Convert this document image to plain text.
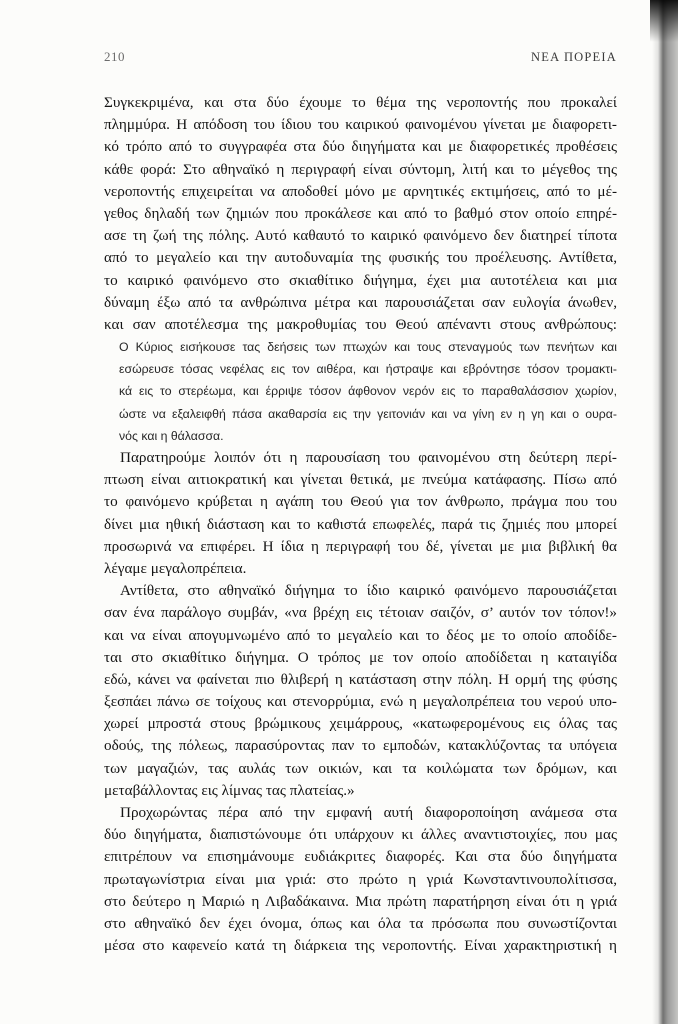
210	ΝΕΑ ΠΟΡΕΙΑ
Συγκεκριμένα, και στα δύο έχουμε το θέμα της νεροποντής που προκαλεί
πλημμύρα. Η απόδοση του ίδιου του καιρικού φαινομένου γίνεται με διαφορετι-
κό τρόπο από το συγγραφέα στα δύο διηγήματα και με διαφορετικές προθέσεις
κάθε φορά: Στο αθηναϊκό η περιγραφή είναι σύντομη, λιτή και το μέγεθος της
νεροποντής επιχειρείται να αποδοθεί μόνο με αρνητικές εκτιμήσεις, από το μέ-
γεθος δηλαδή των ζημιών που προκάλεσε και από το βαθμό στον οποίο επηρέ-
ασε τη ζωή της πόλης. Αυτό καθαυτό το καιρικό φαινόμενο δεν διατηρεί τίποτα
από το μεγαλείο και την αυτοδυναμία της φυσικής του προέλευσης. Αντίθετα,
το καιρικό φαινόμενο στο σκιαθίτικο διήγημα, έχει μια αυτοτέλεια και μια
δύναμη έξω από τα ανθρώπινα μέτρα και παρουσιάζεται σαν ευλογία άνωθεν,
και σαν αποτέλεσμα της μακροθυμίας του Θεού απέναντι στους ανθρώπους:
Ο Κύριος εισήκουσε τας δεήσεις των πτωχών και τους στεναγμούς των πενήτων και
εσώρευσε τόσας νεφέλας εις τον αιθέρα, και ήστραψε και εβρόντησε τόσον τρομακτι-
κά εις το στερέωμα, και έρριψε τόσον άφθονον νερόν εις το παραθαλάσσιον χωρίον,
ώστε να εξαλειφθή πάσα ακαθαρσία εις την γειτονιάν και να γίνη εν η γη και ο ουρα-
νός και η θάλασσα.
Παρατηρούμε λοιπόν ότι η παρουσίαση του φαινομένου στη δεύτερη περί-
πτωση είναι αιτιοκρατική και γίνεται θετικά, με πνεύμα κατάφασης. Πίσω από
το φαινόμενο κρύβεται η αγάπη του Θεού για τον άνθρωπο, πράγμα που του
δίνει μια ηθική διάσταση και το καθιστά επωφελές, παρά τις ζημιές που μπορεί
προσωρινά να επιφέρει. Η ίδια η περιγραφή του δέ, γίνεται με μια βιβλική θα
λέγαμε μεγαλοπρέπεια.
Αντίθετα, στο αθηναϊκό διήγημα το ίδιο καιρικό φαινόμενο παρουσιάζεται
σαν ένα παράλογο συμβάν, «να βρέχη εις τέτοιαν σαιζόν, σ’ αυτόν τον τόπον!»
και να είναι απογυμνωμένο από το μεγαλείο και το δέος με το οποίο αποδίδε-
ται στο σκιαθίτικο διήγημα. Ο τρόπος με τον οποίο αποδίδεται η καταιγίδα
εδώ, κάνει να φαίνεται πιο θλιβερή η κατάσταση στην πόλη. Η ορμή της φύσης
ξεσπάει πάνω σε τοίχους και στενορρύμια, ενώ η μεγαλοπρέπεια του νερού υπο-
χωρεί μπροστά στους βρώμικους χειμάρρους, «κατωφερομένους εις όλας τας
οδούς, της πόλεως, παρασύροντας παν το εμποδών, κατακλύζοντας τα υπόγεια
των μαγαζιών, τας αυλάς των οικιών, και τα κοιλώματα των δρόμων, και
μεταβάλλοντας εις λίμνας τας πλατείας.»
Προχωρώντας πέρα από την εμφανή αυτή διαφοροποίηση ανάμεσα στα
δύο διηγήματα, διαπιστώνουμε ότι υπάρχουν κι άλλες αναντιστοιχίες, που μας
επιτρέπουν να επισημάνουμε ευδιάκριτες διαφορές. Και στα δύο διηγήματα
πρωταγωνίστρια είναι μια γριά: στο πρώτο η γριά Κωνσταντινουπολίτισσα,
στο δεύτερο η Μαριώ η Λιβαδάκαινα. Μια πρώτη παρατήρηση είναι ότι η γριά
στο αθηναϊκό δεν έχει όνομα, όπως και όλα τα πρόσωπα που συνωστίζονται
μέσα στο καφενείο κατά τη διάρκεια της νεροποντής. Είναι χαρακτηριστική η
